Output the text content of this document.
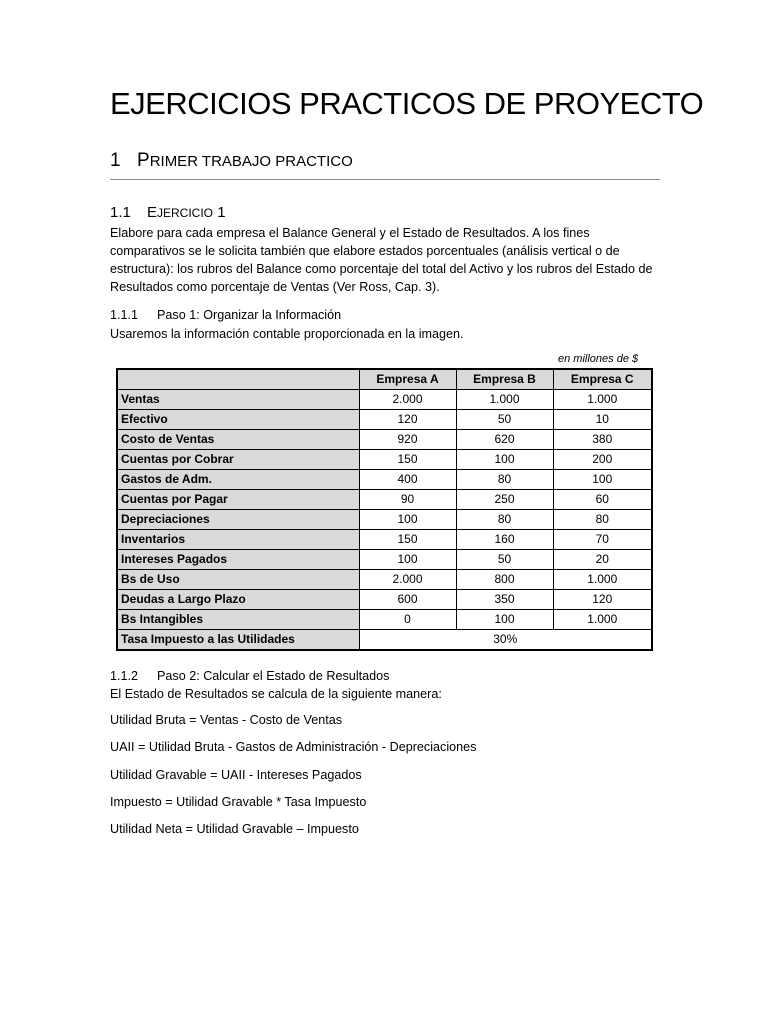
EJERCICIOS PRACTICOS DE PROYECTO
1 PRIMER TRABAJO PRACTICO
1.1 EJERCICIO 1

Elabore para cada empresa el Balance General y el Estado de Resultados. A los fines comparativos se le solicita también que elabore estados porcentuales (análisis vertical o de estructura): los rubros del Balance como porcentaje del total del Activo y los rubros del Estado de Resultados como porcentaje de Ventas (Ver Ross, Cap. 3).

1.1.1 Paso 1: Organizar la Información

Usaremos la información contable proporcionada en la imagen.

en millones de $
	Empresa A	Empresa B	Empresa C
Ventas	2.000	1.000	1.000
Efectivo	120	50	10
Costo de Ventas	920	620	380
Cuentas por Cobrar	150	100	200
Gastos de Adm.	400	80	100
Cuentas por Pagar	90	250	60
Depreciaciones	100	80	80
Inventarios	150	160	70
Intereses Pagados	100	50	20
Bs de Uso	2.000	800	1.000
Deudas a Largo Plazo	600	350	120
Bs Intangibles	0	100	1.000
Tasa Impuesto a las Utilidades	30%		
1.1.2 Paso 2: Calcular el Estado de Resultados

El Estado de Resultados se calcula de la siguiente manera:

Utilidad Bruta = Ventas - Costo de Ventas
UAII = Utilidad Bruta - Gastos de Administración - Depreciaciones
Utilidad Gravable = UAII - Intereses Pagados
Impuesto = Utilidad Gravable * Tasa Impuesto
Utilidad Neta = Utilidad Gravable – Impuesto
